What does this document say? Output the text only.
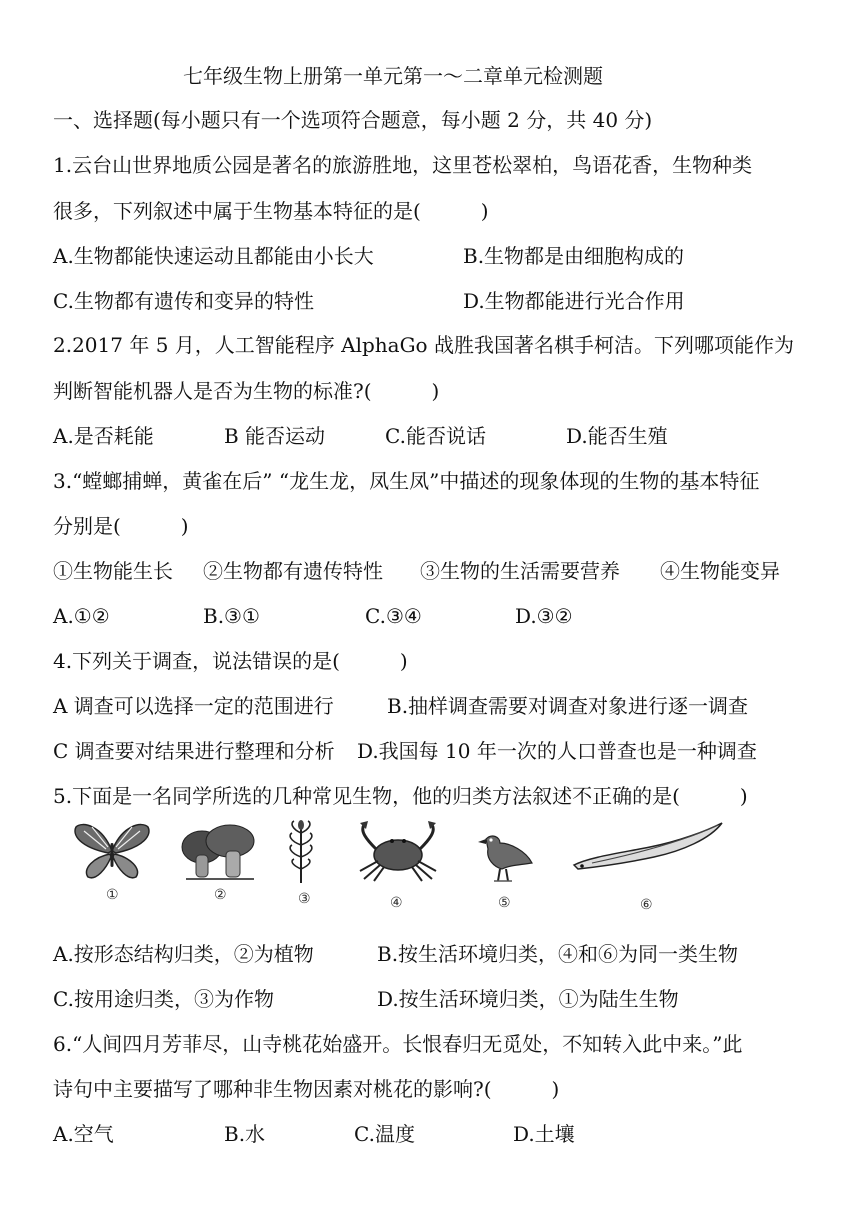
七年级生物上册第一单元第一～二章单元检测题
一、选择题(每小题只有一个选项符合题意，每小题 2 分，共 40 分)
1.云台山世界地质公园是著名的旅游胜地，这里苍松翠柏，鸟语花香，生物种类
很多，下列叙述中属于生物基本特征的是(　　　)
A.生物都能快速运动且都能由小长大	B.生物都是由细胞构成的
C.生物都有遗传和变异的特性	D.生物都能进行光合作用
2.2017 年 5 月，人工智能程序 AlphaGo 战胜我国著名棋手柯洁。下列哪项能作为
判断智能机器人是否为生物的标准?(　　　)
A.是否耗能	B 能否运动	C.能否说话	D.能否生殖
3.“螳螂捕蝉，黄雀在后” “龙生龙，凤生凤”中描述的现象体现的生物的基本特征
分别是(　　　)
①生物能生长 ②生物都有遗传特性 ③生物的生活需要营养 ④生物能变异
A.①②	B.③①	C.③④	D.③②
4.下列关于调查，说法错误的是(　　　)
A 调查可以选择一定的范围进行	B.抽样调查需要对调查对象进行逐一调查
C 调查要对结果进行整理和分析 D.我国每 10 年一次的人口普查也是一种调查
5.下面是一名同学所选的几种常见生物，他的归类方法叙述不正确的是(　　　)
①	②	③	④	⑤	⑥
A.按形态结构归类，②为植物	B.按生活环境归类，④和⑥为同一类生物
C.按用途归类，③为作物	D.按生活环境归类，①为陆生生物
6.“人间四月芳菲尽，山寺桃花始盛开。长恨春归无觅处，不知转入此中来。”此
诗句中主要描写了哪种非生物因素对桃花的影响?(　　　)
A.空气	B.水	C.温度	D.土壤
